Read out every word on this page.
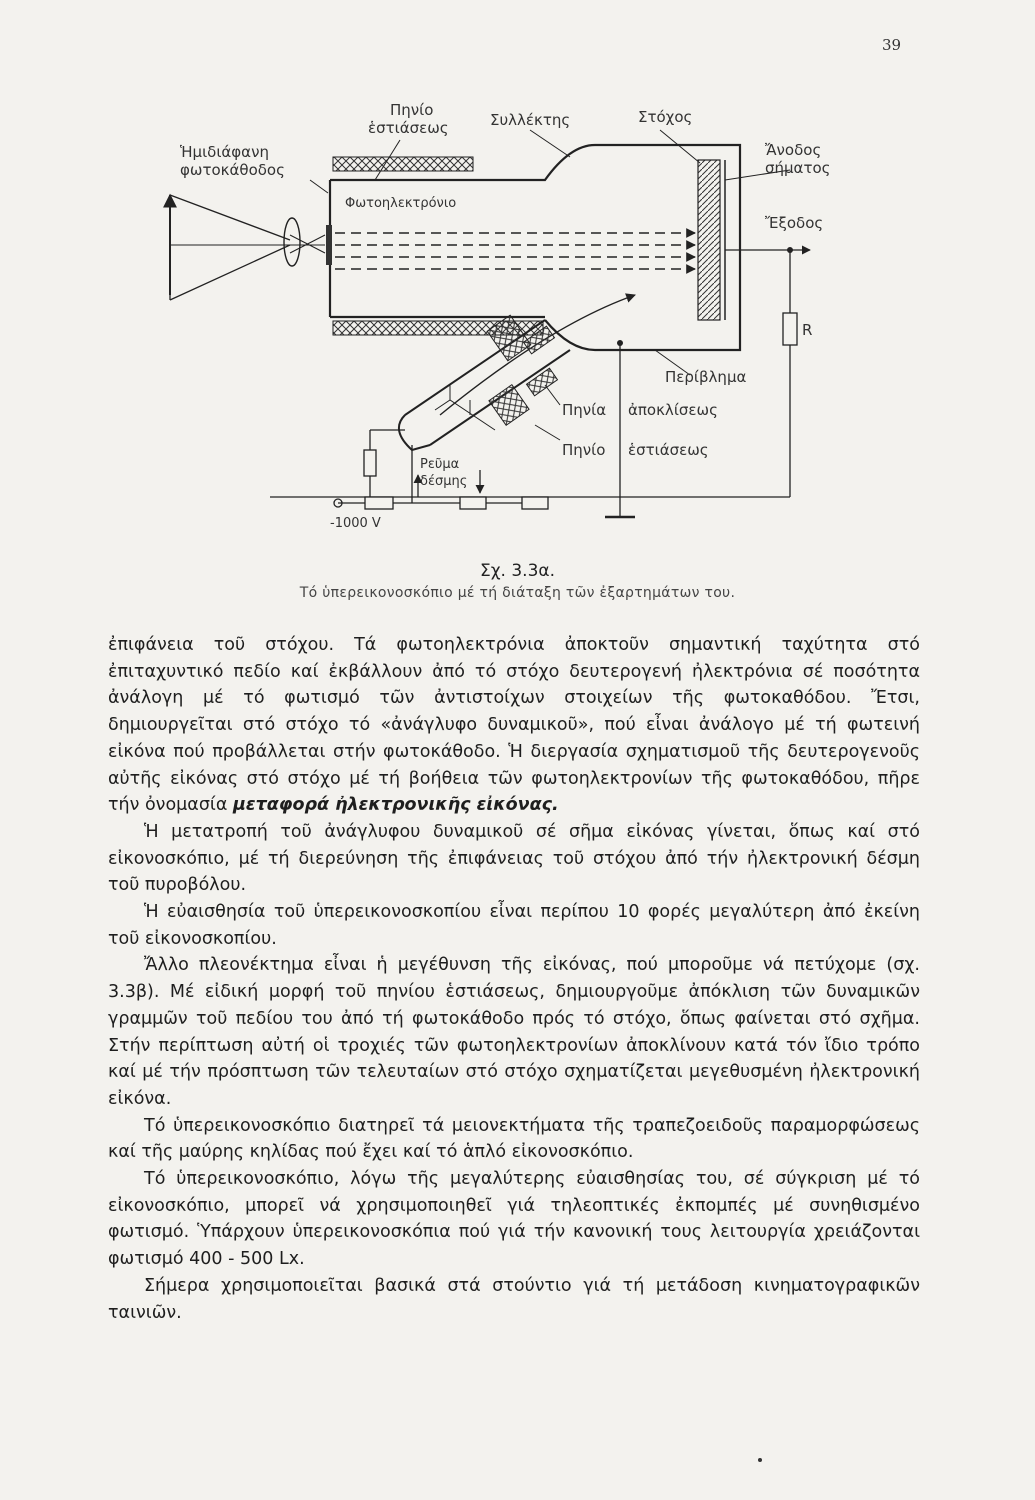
39
Ἡμιδιάφανη
φωτοκάθοδος
Πηνίο
ἑστιάσεως	Συλλέκτης	Στόχος
Ἄνοδος
σήματος
Φωτοηλεκτρόνιο
Ἔξοδος
R
Περίβλημα
Πηνία ἀποκλίσεως
Πηνίο ἑστιάσεως
Ρεῦμα
δέσμης
-1000 V
Σχ. 3.3α.
Τό ὑπερεικονοσκόπιο μέ τή διάταξη τῶν ἐξαρτημάτων του.

ἐπιφάνεια τοῦ στόχου. Τά φωτοηλεκτρόνια ἀποκτοῦν σημαντική ταχύτητα στό ἐπιταχυντικό πεδίο καί ἐκβάλλουν ἀπό τό στόχο δευτερογενή ἠλεκτρόνια σέ ποσότητα ἀνάλογη μέ τό φωτισμό τῶν ἀντιστοίχων στοιχείων τῆς φωτοκαθόδου. Ἔτσι, δημιουργεῖται στό στόχο τό «ἀνάγλυφο δυναμικοῦ», πού εἶναι ἀνάλογο μέ τή φωτεινή εἰκόνα πού προβάλλεται στήν φωτοκάθοδο. Ἡ διεργασία σχηματισμοῦ τῆς δευτερογενοῦς αὐτῆς εἰκόνας στό στόχο μέ τή βοήθεια τῶν φωτοηλεκτρονίων τῆς φωτοκαθόδου, πῆρε τήν ὀνομασία μεταφορά ἠλεκτρονικῆς εἰκόνας.

Ἡ μετατροπή τοῦ ἀνάγλυφου δυναμικοῦ σέ σῆμα εἰκόνας γίνεται, ὅπως καί στό εἰκονοσκόπιο, μέ τή διερεύνηση τῆς ἐπιφάνειας τοῦ στόχου ἀπό τήν ἠλεκτρονική δέσμη τοῦ πυροβόλου.

Ἡ εὐαισθησία τοῦ ὑπερεικονοσκοπίου εἶναι περίπου 10 φορές μεγαλύτερη ἀπό ἐκείνη τοῦ εἰκονοσκοπίου.

Ἄλλο πλεονέκτημα εἶναι ἡ μεγέθυνση τῆς εἰκόνας, πού μποροῦμε νά πετύχομε (σχ. 3.3β). Μέ εἰδική μορφή τοῦ πηνίου ἑστιάσεως, δημιουργοῦμε ἀπόκλιση τῶν δυναμικῶν γραμμῶν τοῦ πεδίου του ἀπό τή φωτοκάθοδο πρός τό στόχο, ὅπως φαίνεται στό σχῆμα. Στήν περίπτωση αὐτή οἱ τροχιές τῶν φωτοηλεκτρονίων ἀποκλίνουν κατά τόν ἴδιο τρόπο καί μέ τήν πρόσπτωση τῶν τελευταίων στό στόχο σχηματίζεται μεγεθυσμένη ἠλεκτρονική εἰκόνα.

Τό ὑπερεικονοσκόπιο διατηρεῖ τά μειονεκτήματα τῆς τραπεζοειδοῦς παραμορφώσεως καί τῆς μαύρης κηλίδας πού ἔχει καί τό ἁπλό εἰκονοσκόπιο.

Τό ὑπερεικονοσκόπιο, λόγω τῆς μεγαλύτερης εὐαισθησίας του, σέ σύγκριση μέ τό εἰκονοσκόπιο, μπορεῖ νά χρησιμοποιηθεῖ γιά τηλεοπτικές ἐκπομπές μέ συνηθισμένο φωτισμό. Ὑπάρχουν ὑπερεικονοσκόπια πού γιά τήν κανονική τους λειτουργία χρειάζονται φωτισμό 400 - 500 Lx.

Σήμερα χρησιμοποιεῖται βασικά στά στούντιο γιά τή μετάδοση κινηματογραφικῶν ταινιῶν.
